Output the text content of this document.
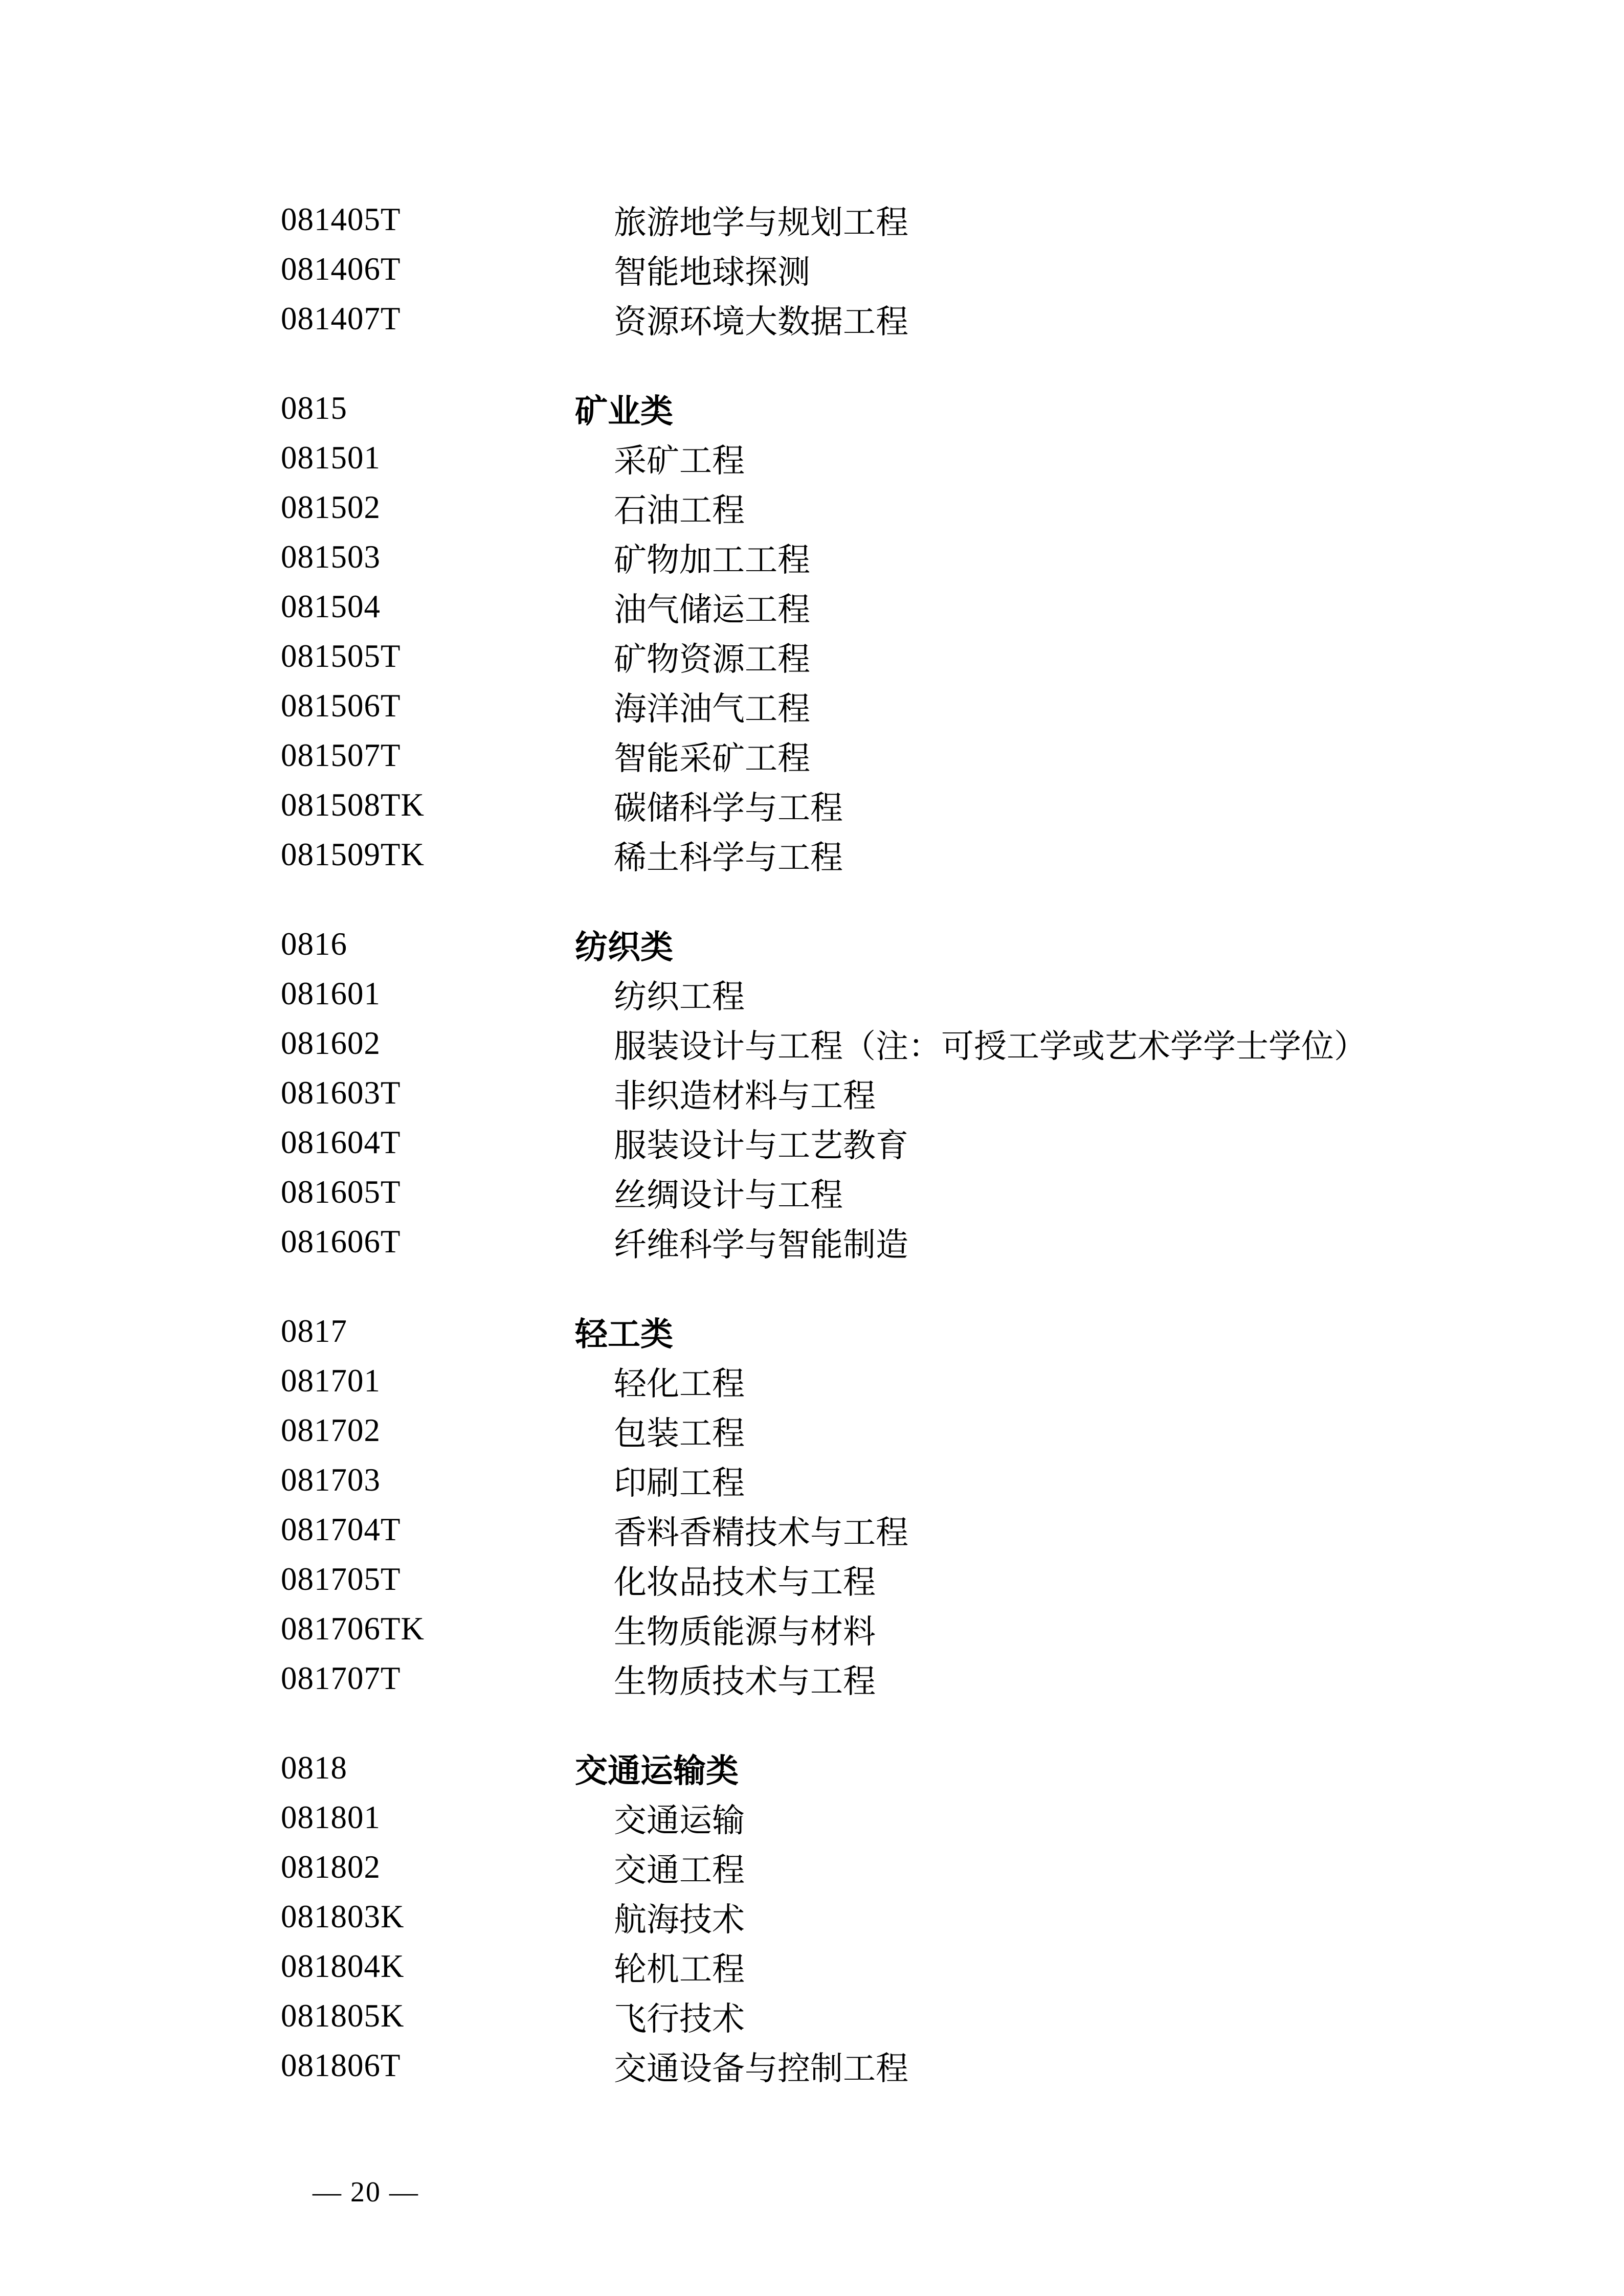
081405T	旅游地学与规划工程
081406T	智能地球探测
081407T	资源环境大数据工程
0815	矿业类
081501	采矿工程
081502	石油工程
081503	矿物加工工程
081504	油气储运工程
081505T	矿物资源工程
081506T	海洋油气工程
081507T	智能采矿工程
081508TK	碳储科学与工程
081509TK	稀土科学与工程
0816	纺织类
081601	纺织工程
081602	服装设计与工程（注：可授工学或艺术学学士学位）
081603T	非织造材料与工程
081604T	服装设计与工艺教育
081605T	丝绸设计与工程
081606T	纤维科学与智能制造
0817	轻工类
081701	轻化工程
081702	包装工程
081703	印刷工程
081704T	香料香精技术与工程
081705T	化妆品技术与工程
081706TK	生物质能源与材料
081707T	生物质技术与工程
0818	交通运输类
081801	交通运输
081802	交通工程
081803K	航海技术
081804K	轮机工程
081805K	飞行技术
081806T	交通设备与控制工程
— 20 —
